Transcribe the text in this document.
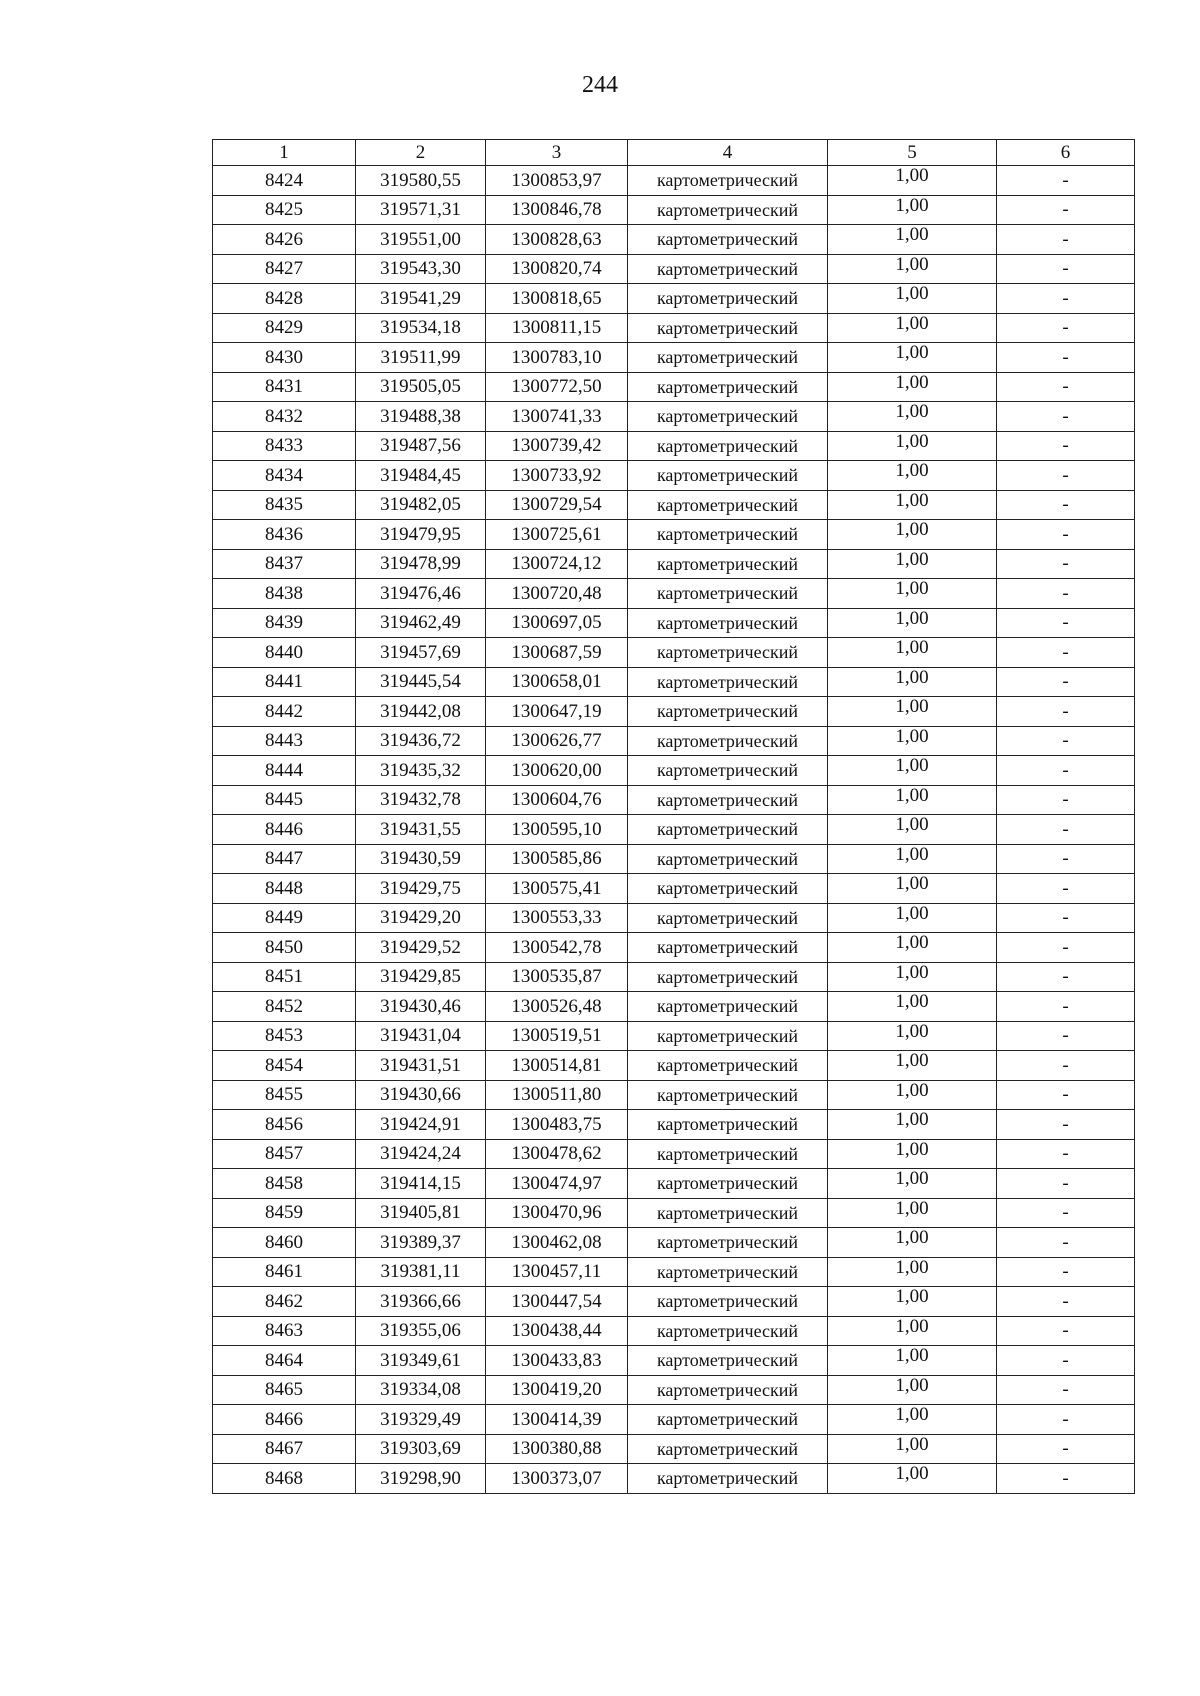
244
1	2	3	4	5	6
8424	319580,55	1300853,97	картометрический	1,00	-
8425	319571,31	1300846,78	картометрический	1,00	-
8426	319551,00	1300828,63	картометрический	1,00	-
8427	319543,30	1300820,74	картометрический	1,00	-
8428	319541,29	1300818,65	картометрический	1,00	-
8429	319534,18	1300811,15	картометрический	1,00	-
8430	319511,99	1300783,10	картометрический	1,00	-
8431	319505,05	1300772,50	картометрический	1,00	-
8432	319488,38	1300741,33	картометрический	1,00	-
8433	319487,56	1300739,42	картометрический	1,00	-
8434	319484,45	1300733,92	картометрический	1,00	-
8435	319482,05	1300729,54	картометрический	1,00	-
8436	319479,95	1300725,61	картометрический	1,00	-
8437	319478,99	1300724,12	картометрический	1,00	-
8438	319476,46	1300720,48	картометрический	1,00	-
8439	319462,49	1300697,05	картометрический	1,00	-
8440	319457,69	1300687,59	картометрический	1,00	-
8441	319445,54	1300658,01	картометрический	1,00	-
8442	319442,08	1300647,19	картометрический	1,00	-
8443	319436,72	1300626,77	картометрический	1,00	-
8444	319435,32	1300620,00	картометрический	1,00	-
8445	319432,78	1300604,76	картометрический	1,00	-
8446	319431,55	1300595,10	картометрический	1,00	-
8447	319430,59	1300585,86	картометрический	1,00	-
8448	319429,75	1300575,41	картометрический	1,00	-
8449	319429,20	1300553,33	картометрический	1,00	-
8450	319429,52	1300542,78	картометрический	1,00	-
8451	319429,85	1300535,87	картометрический	1,00	-
8452	319430,46	1300526,48	картометрический	1,00	-
8453	319431,04	1300519,51	картометрический	1,00	-
8454	319431,51	1300514,81	картометрический	1,00	-
8455	319430,66	1300511,80	картометрический	1,00	-
8456	319424,91	1300483,75	картометрический	1,00	-
8457	319424,24	1300478,62	картометрический	1,00	-
8458	319414,15	1300474,97	картометрический	1,00	-
8459	319405,81	1300470,96	картометрический	1,00	-
8460	319389,37	1300462,08	картометрический	1,00	-
8461	319381,11	1300457,11	картометрический	1,00	-
8462	319366,66	1300447,54	картометрический	1,00	-
8463	319355,06	1300438,44	картометрический	1,00	-
8464	319349,61	1300433,83	картометрический	1,00	-
8465	319334,08	1300419,20	картометрический	1,00	-
8466	319329,49	1300414,39	картометрический	1,00	-
8467	319303,69	1300380,88	картометрический	1,00	-
8468	319298,90	1300373,07	картометрический	1,00	-
